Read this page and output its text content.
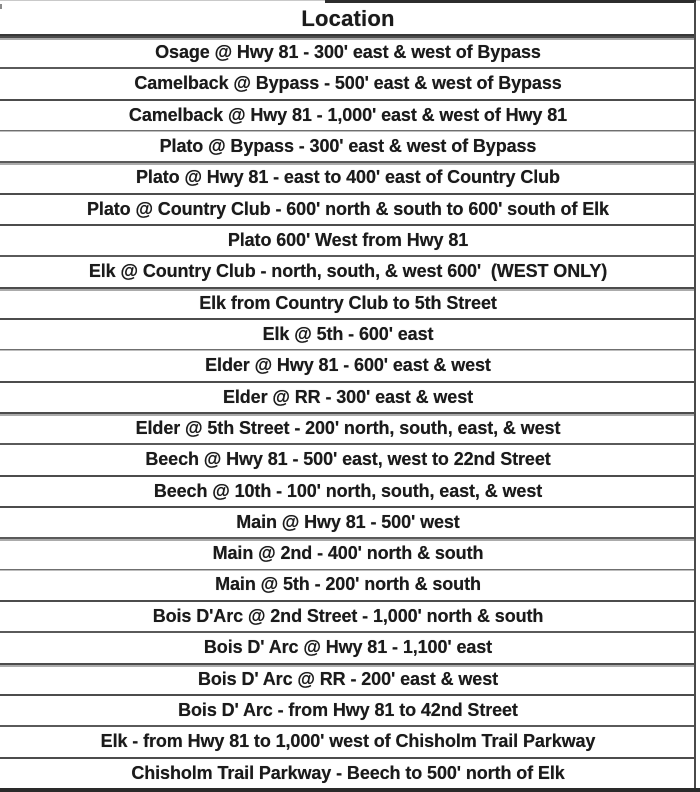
Location
Osage @ Hwy 81 - 300' east & west of Bypass
Camelback @ Bypass - 500' east & west of Bypass
Camelback @ Hwy 81 - 1,000' east & west of Hwy 81
Plato @ Bypass - 300' east & west of Bypass
Plato @ Hwy 81 - east to 400' east of Country Club
Plato @ Country Club - 600' north & south to 600' south of Elk
Plato 600' West from Hwy 81
Elk @ Country Club - north, south, & west 600'  (WEST ONLY)
Elk from Country Club to 5th Street
Elk @ 5th - 600' east
Elder @ Hwy 81 - 600' east & west
Elder @ RR - 300' east & west
Elder @ 5th Street - 200' north, south, east, & west
Beech @ Hwy 81 - 500' east, west to 22nd Street
Beech @ 10th - 100' north, south, east, & west
Main @ Hwy 81 - 500' west
Main @ 2nd - 400' north & south
Main @ 5th - 200' north & south
Bois D'Arc @ 2nd Street - 1,000' north & south
Bois D' Arc @ Hwy 81 - 1,100' east
Bois D' Arc @ RR - 200' east & west
Bois D' Arc - from Hwy 81 to 42nd Street
Elk - from Hwy 81 to 1,000' west of Chisholm Trail Parkway
Chisholm Trail Parkway - Beech to 500' north of Elk
